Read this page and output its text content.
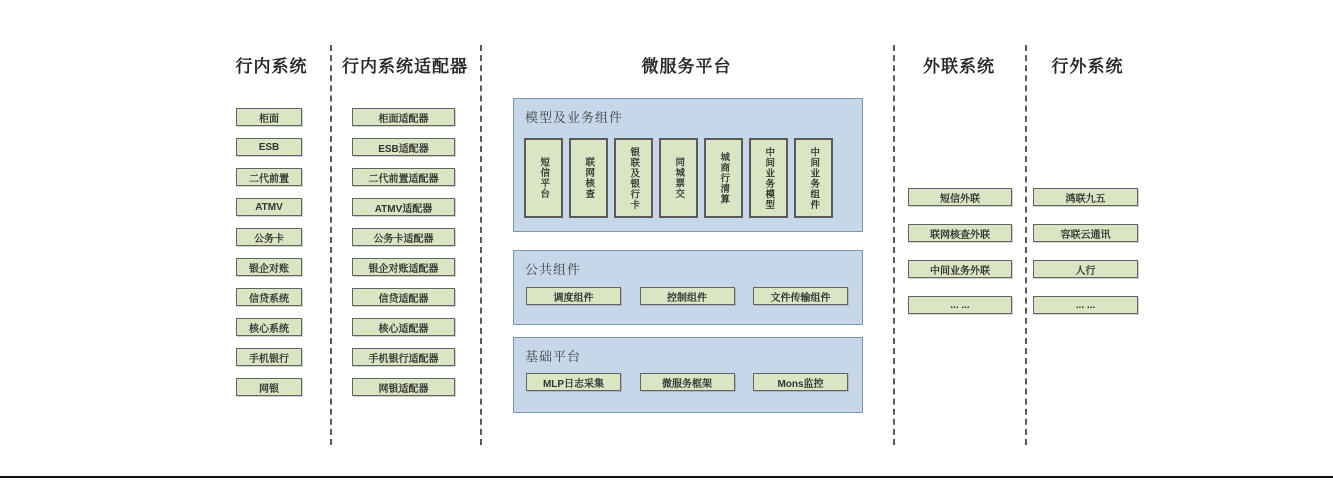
行内系统	行内系统适配器	微服务平台	外联系统	行外系统
柜面
ESB
二代前置
ATMV
公务卡
银企对账
信贷系统
核心系统
手机银行
网银
柜面适配器
ESB适配器
二代前置适配器
ATMV适配器
公务卡适配器
银企对账适配器
信贷适配器
核心适配器
手机银行适配器
网银适配器
模型及业务组件
短信平台	联网核查	银联及银行卡	同城票交	城商行清算	中间业务模型	中间业务组件
公共组件
调度组件	控制组件	文件传输组件
基础平台
MLP日志采集	微服务框架	Mons监控
短信外联
联网核查外联
中间业务外联
... ...
鸿联九五
容联云通讯
人行
... ...
